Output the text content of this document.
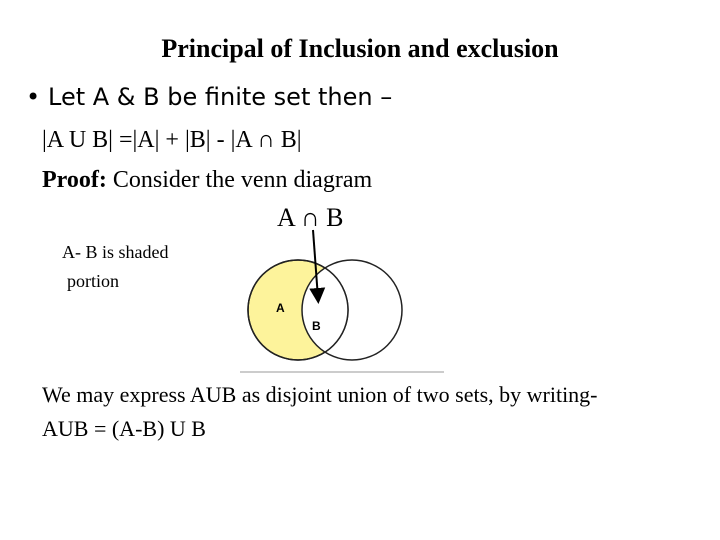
Principal of Inclusion and exclusion
• Let A & B be finite set then –
|A U B| =|A| + |B| - |A ∩ B|
Proof: Consider the venn diagram
A ∩ B
A- B is shaded
portion
A
B
We may express AUB as disjoint union of two sets, by writing-
AUB = (A-B) U B
